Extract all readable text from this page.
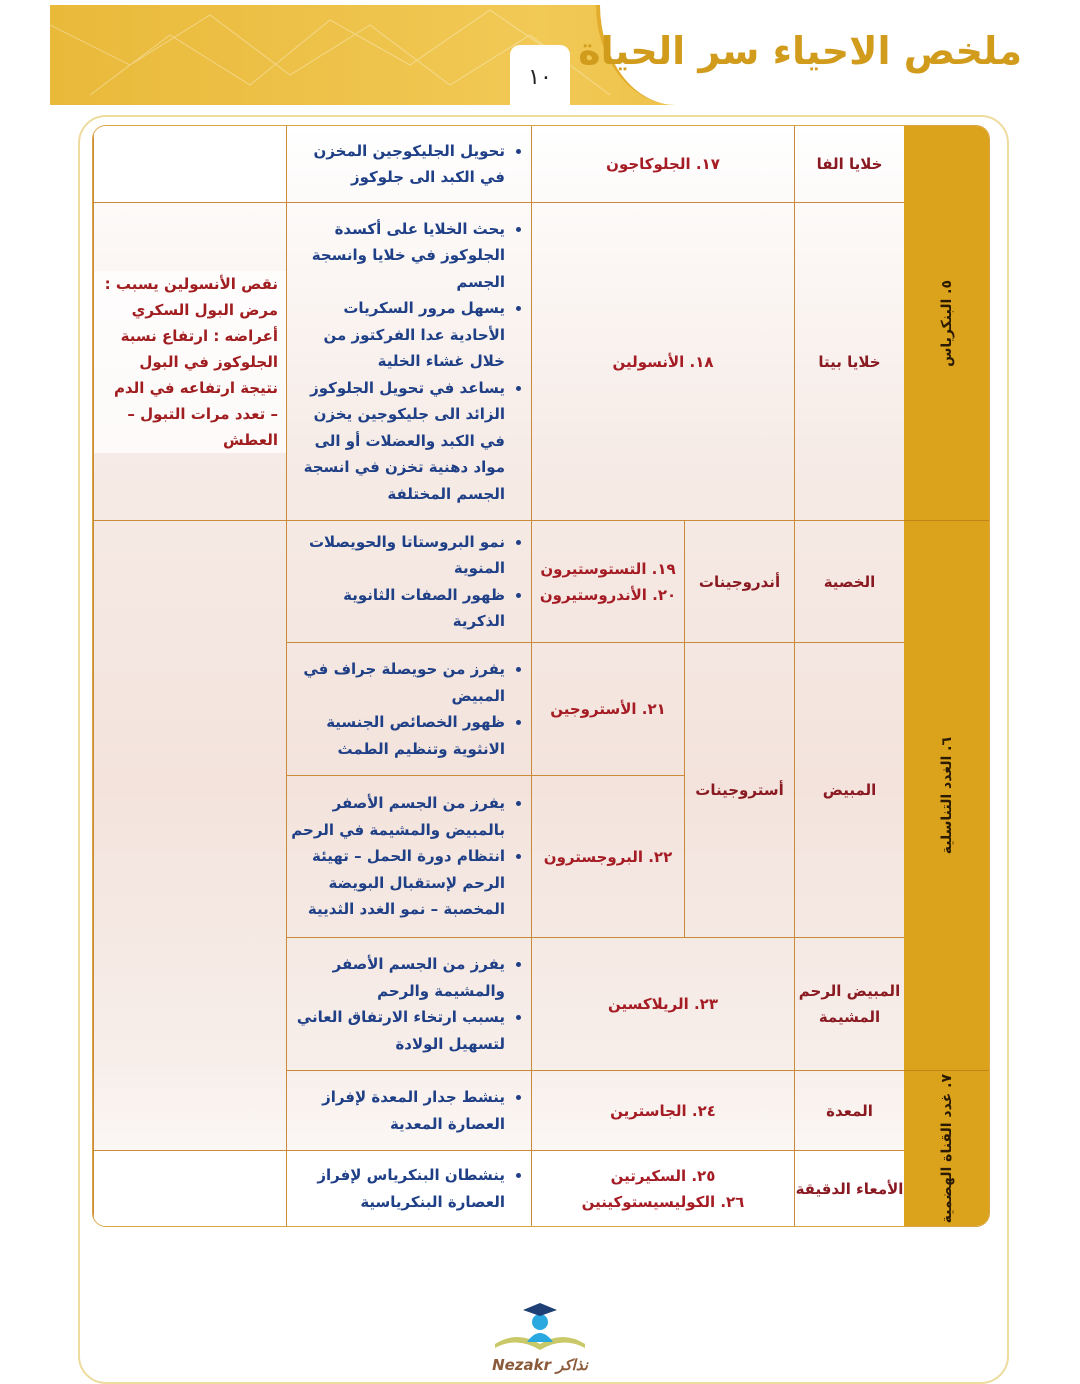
ملخص الاحياء سر الحياة
١٠
٥. البنكرياس
٦. الغدد التناسلية
٧. غدد القناة الهضمية
خلايا الفا
١٧. الجلوكاجون
• تحويل الجليكوجين المخزن في الكبد الى جلوكوز
خلايا بيتا
١٨. الأنسولين
• يحث الخلايا على أكسدة الجلوكوز في خلايا وانسجة الجسم
• يسهل مرور السكريات الأحادية عدا الفركتوز من خلال غشاء الخلية
• يساعد في تحويل الجلوكوز الزائد الى جليكوجين يخزن في الكبد والعضلات أو الى مواد دهنية تخزن في انسجة الجسم المختلفة
نقص الأنسولين يسبب : مرض البول السكري أعراضه : ارتفاع نسبة الجلوكوز في البول نتيجة ارتفاعه في الدم – تعدد مرات التبول – العطش
الخصية
أندروجينات
١٩. التستوستيرون
٢٠. الأندروستيرون
• نمو البروستاتا والحويصلات المنوية
• ظهور الصفات الثانوية الذكرية
المبيض
أستروجينات
٢١. الأستروجين
• يفرز من حويصلة جراف في المبيض
• ظهور الخصائص الجنسية الانثوية وتنظيم الطمث
٢٢. البروجسترون
• يفرز من الجسم الأصفر بالمبيض والمشيمة في الرحم
• انتظام دورة الحمل – تهيئة الرحم لإستقبال البويضة المخصبة – نمو الغدد الثديية
المبيض الرحم المشيمة
٢٣. الريلاكسين
• يفرز من الجسم الأصفر والمشيمة والرحم
• يسبب ارتخاء الارتفاق العاني لتسهيل الولادة
المعدة
٢٤. الجاسترين
• ينشط جدار المعدة لإفراز العصارة المعدية
الأمعاء الدقيقة
٢٥. السكيرتين
٢٦. الكوليسيستوكينين
• ينشطان البنكرياس لإفراز العصارة البنكرياسية
Nezakr نذاكر
